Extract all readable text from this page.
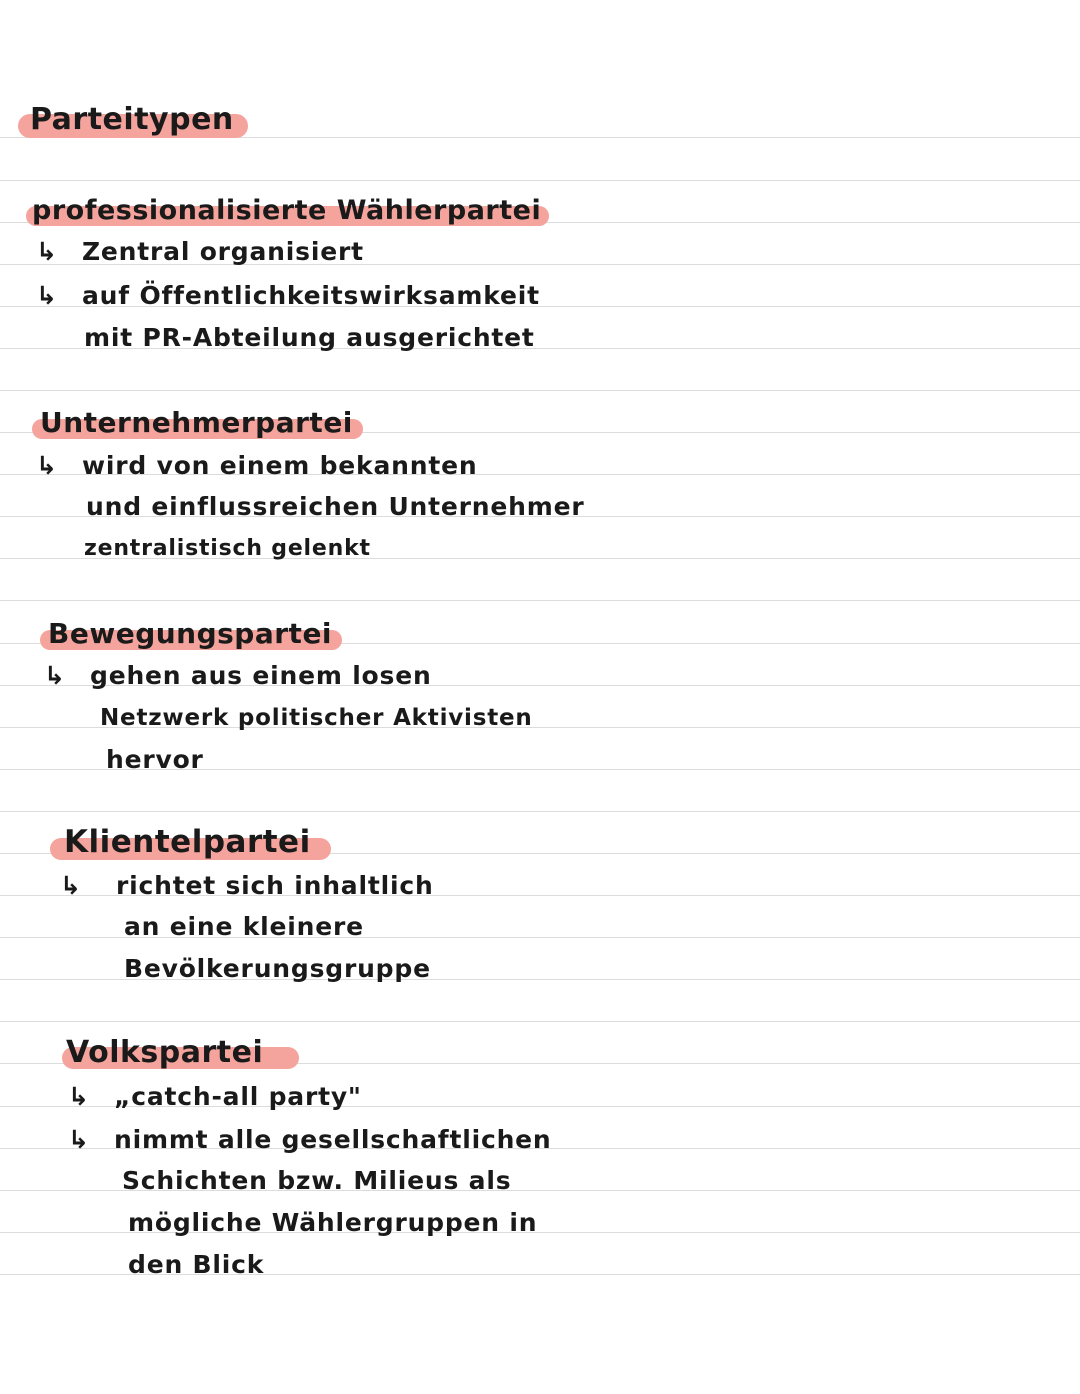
Parteitypen
professionalisierte Wählerpartei
↳ Zentral organisiert
↳ auf Öffentlichkeitswirksamkeit
mit PR-Abteilung ausgerichtet
Unternehmerpartei
↳ wird von einem bekannten
und einflussreichen Unternehmer
zentralistisch gelenkt
Bewegungspartei
↳ gehen aus einem losen
Netzwerk politischer Aktivisten
hervor
Klientelpartei
↳ richtet sich inhaltlich
an eine kleinere
Bevölkerungsgruppe
Volkspartei
↳ „catch-all party"
↳ nimmt alle gesellschaftlichen
Schichten bzw. Milieus als
mögliche Wählergruppen in
den Blick
